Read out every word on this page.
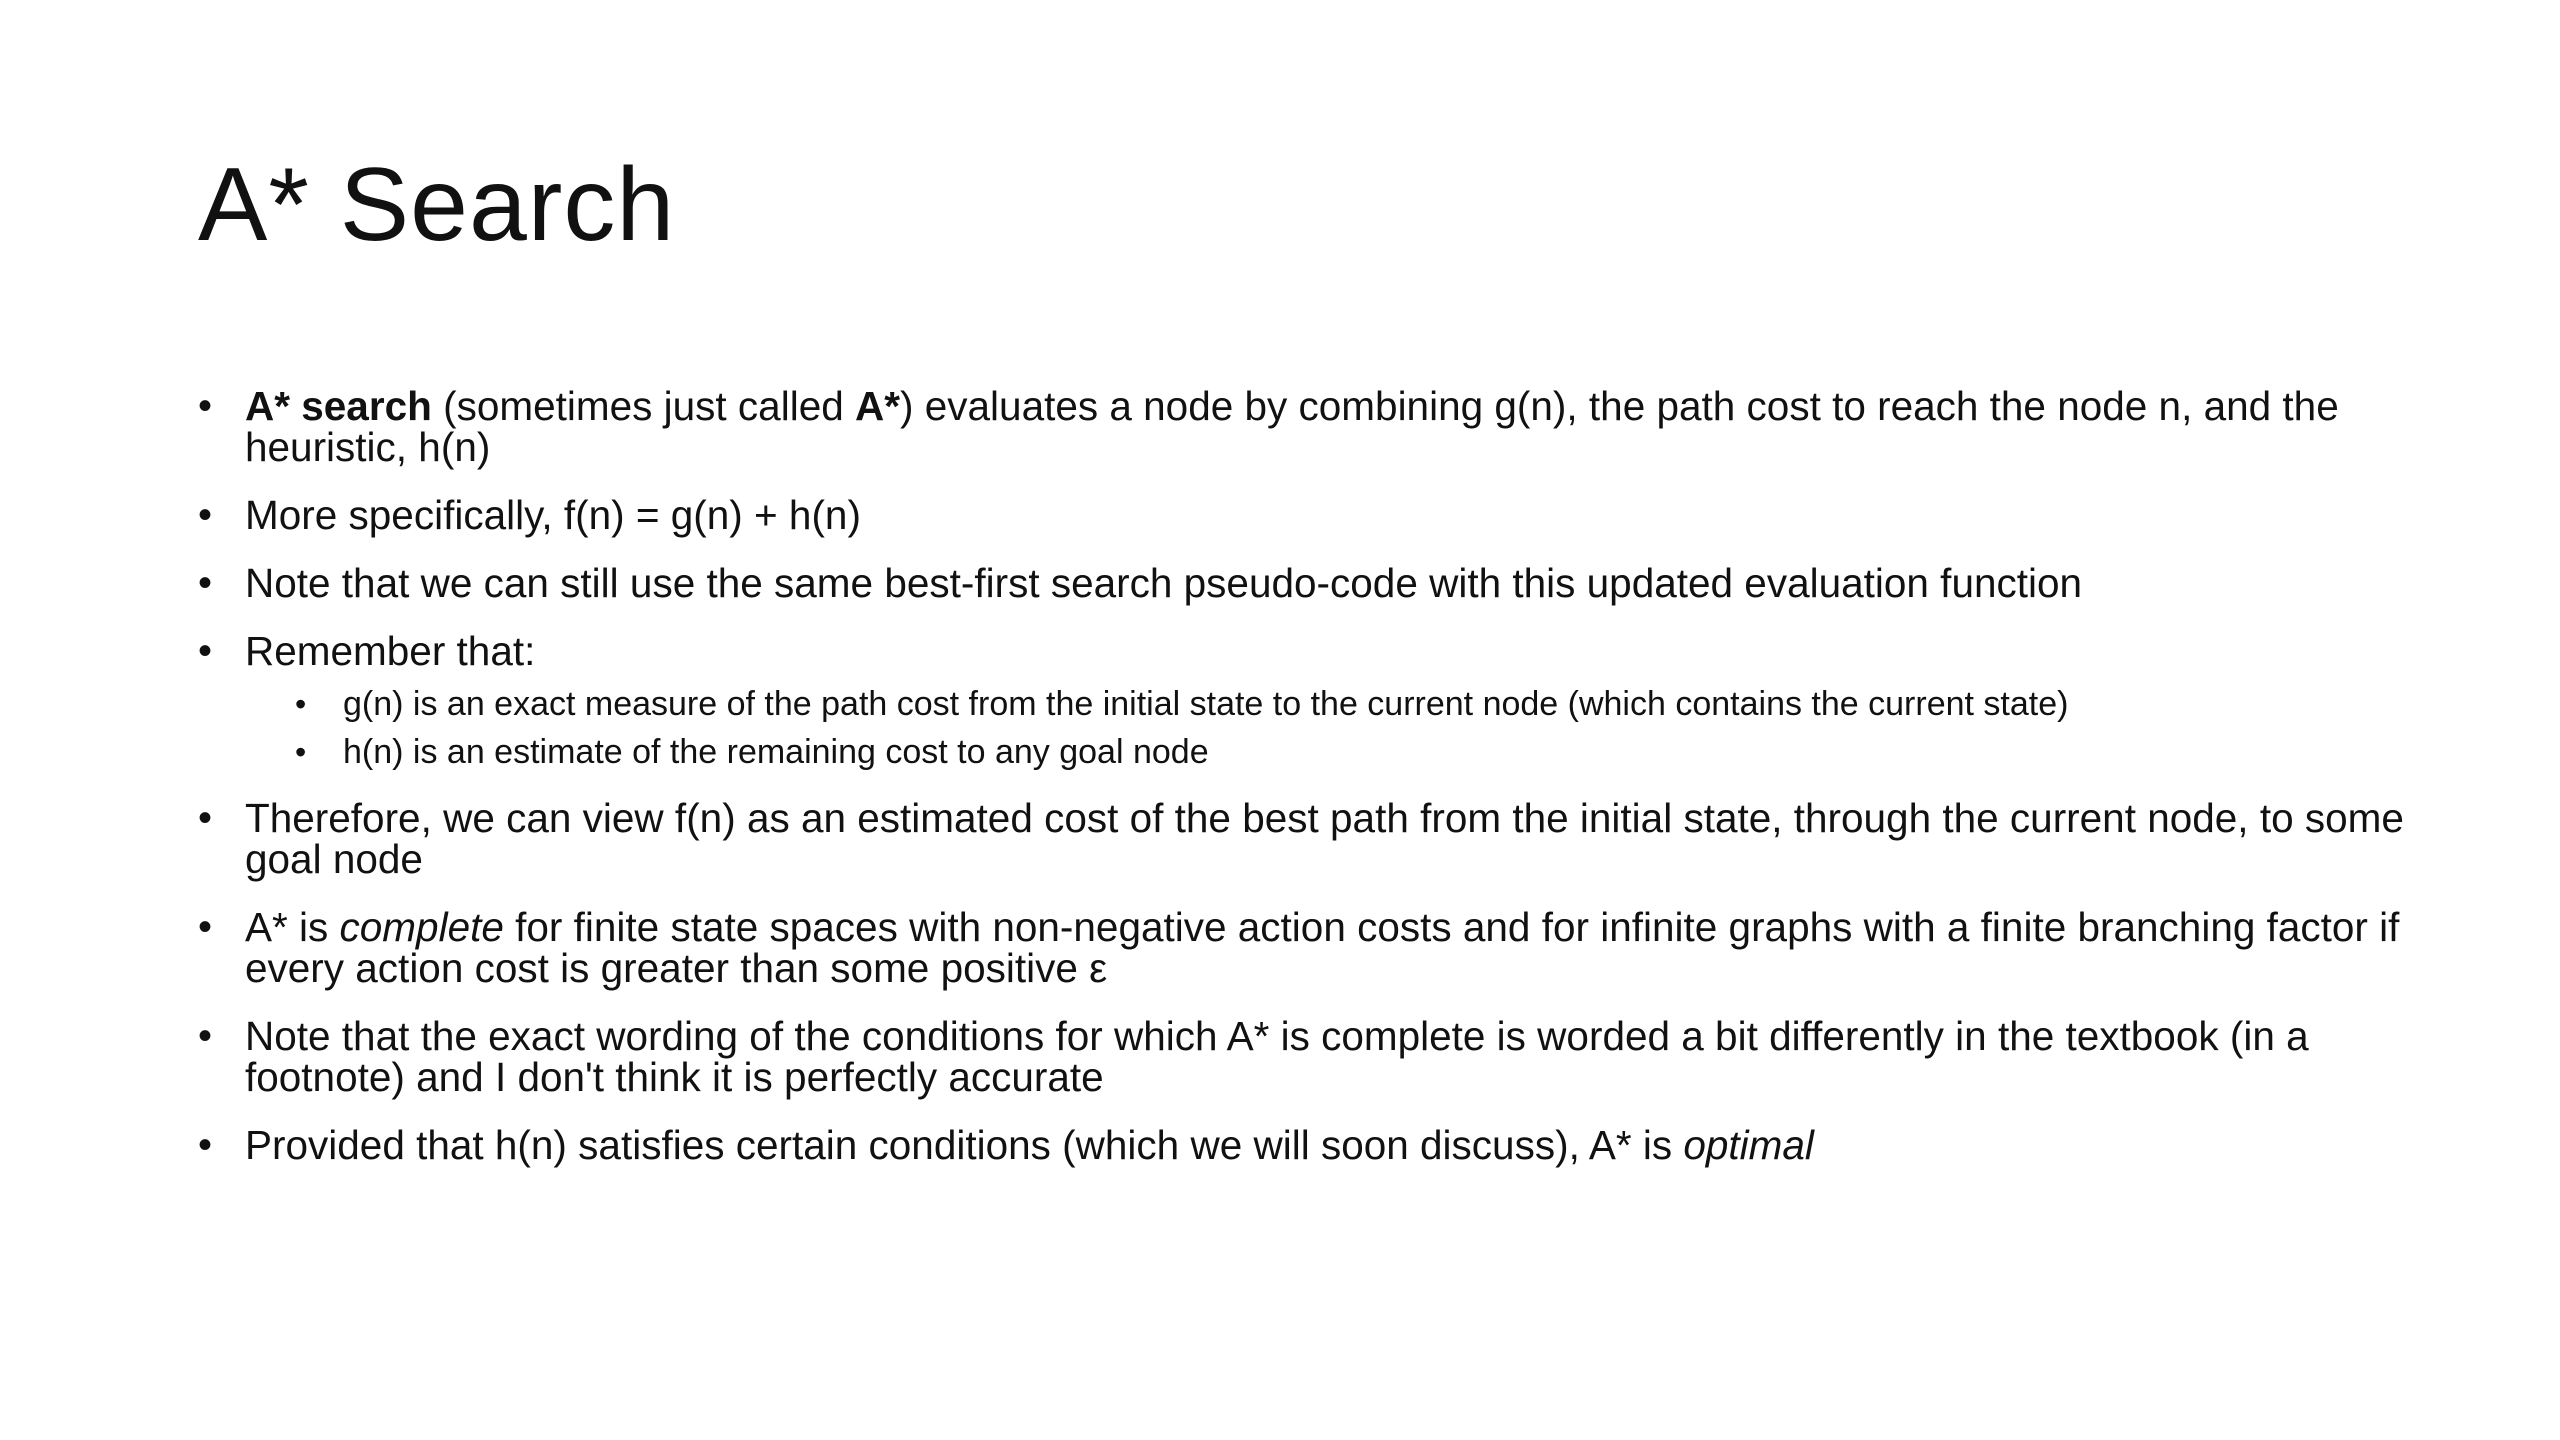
A* Search
• A* search (sometimes just called A*) evaluates a node by combining g(n), the path cost to reach the node n, and the heuristic, h(n)
• More specifically, f(n) = g(n) + h(n)
• Note that we can still use the same best-first search pseudo-code with this updated evaluation function
• Remember that:
•	g(n) is an exact measure of the path cost from the initial state to the current node (which contains the current state)
•	h(n) is an estimate of the remaining cost to any goal node
• Therefore, we can view f(n) as an estimated cost of the best path from the initial state, through the current node, to some goal node
• A* is complete for finite state spaces with non-negative action costs and for infinite graphs with a finite branching factor if every action cost is greater than some positive ε
• Note that the exact wording of the conditions for which A* is complete is worded a bit differently in the textbook (in a footnote) and I don't think it is perfectly accurate
• Provided that h(n) satisfies certain conditions (which we will soon discuss), A* is optimal
